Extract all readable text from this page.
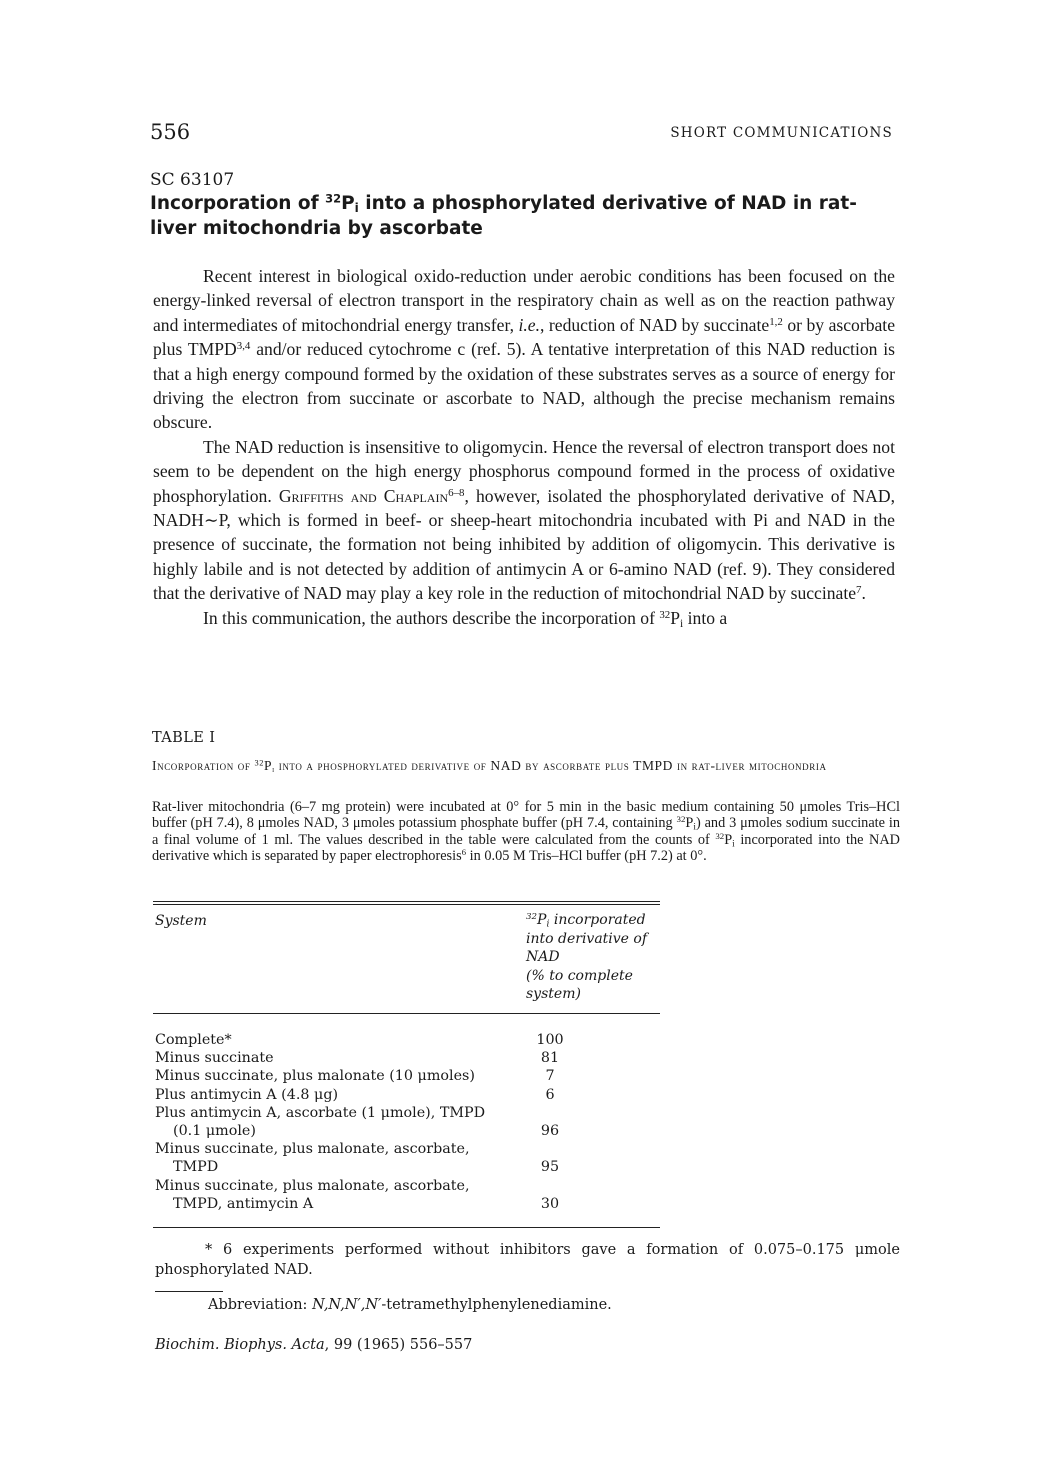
556	SHORT COMMUNICATIONS
SC 63107
Incorporation of $^{32}P_i$ into a phosphorylated derivative of NAD in rat-liver mitochondria by ascorbate

Recent interest in biological oxido-reduction under aerobic conditions has been focused on the energy-linked reversal of electron transport in the respiratory chain as well as on the reaction pathway and intermediates of mitochondrial energy transfer, i.e., reduction of NAD by succinate$^{1,2}$ or by ascorbate plus TMPD$^{3,4}$ and/or reduced cytochrome c (ref. 5). A tentative interpretation of this NAD reduction is that a high energy compound formed by the oxidation of these substrates serves as a source of energy for driving the electron from succinate or ascorbate to NAD, although the precise mechanism remains obscure.

The NAD reduction is insensitive to oligomycin. Hence the reversal of electron transport does not seem to be dependent on the high energy phosphorus compound formed in the process of oxidative phosphorylation. Griffiths and Chaplain$^{6-8}$, however, isolated the phosphorylated derivative of NAD, NADH∼P, which is formed in beef- or sheep-heart mitochondria incubated with Pi and NAD in the presence of succinate, the formation not being inhibited by addition of oligomycin. This derivative is highly labile and is not detected by addition of antimycin A or 6-amino NAD (ref. 9). They considered that the derivative of NAD may play a key role in the reduction of mitochondrial NAD by succinate$^7$.

In this communication, the authors describe the incorporation of $^{32}P_i$ into a

TABLE I
Incorporation of $^{32}P_i$ into a phosphorylated derivative of NAD by ascorbate plus TMPD in rat-liver mitochondria
Rat-liver mitochondria (6–7 mg protein) were incubated at 0° for 5 min in the basic medium containing 50 μmoles Tris–HCl buffer (pH 7.4), 8 μmoles NAD, 3 μmoles potassium phosphate buffer (pH 7.4, containing $^{32}P_i$) and 3 μmoles sodium succinate in a final volume of 1 ml. The values described in the table were calculated from the counts of $^{32}P_i$ incorporated into the NAD derivative which is separated by paper electrophoresis$^6$ in 0.05 M Tris–HCl buffer (pH 7.2) at 0°.
System	$^{32}P_i$ incorporated
into derivative of
NAD
(% to complete
system)
Complete*	100
Minus succinate	81
Minus succinate, plus malonate (10 μmoles)	7
Plus antimycin A (4.8 μg)	6
Plus antimycin A, ascorbate (1 μmole), TMPD
(0.1 μmole)	96
Minus succinate, plus malonate, ascorbate,
TMPD	95
Minus succinate, plus malonate, ascorbate,
TMPD, antimycin A	30
* 6 experiments performed without inhibitors gave a formation of 0.075–0.175 μmole phosphorylated NAD.
Abbreviation: N,N,N′,N′-tetramethylphenylenediamine.
Biochim. Biophys. Acta, 99 (1965) 556–557
